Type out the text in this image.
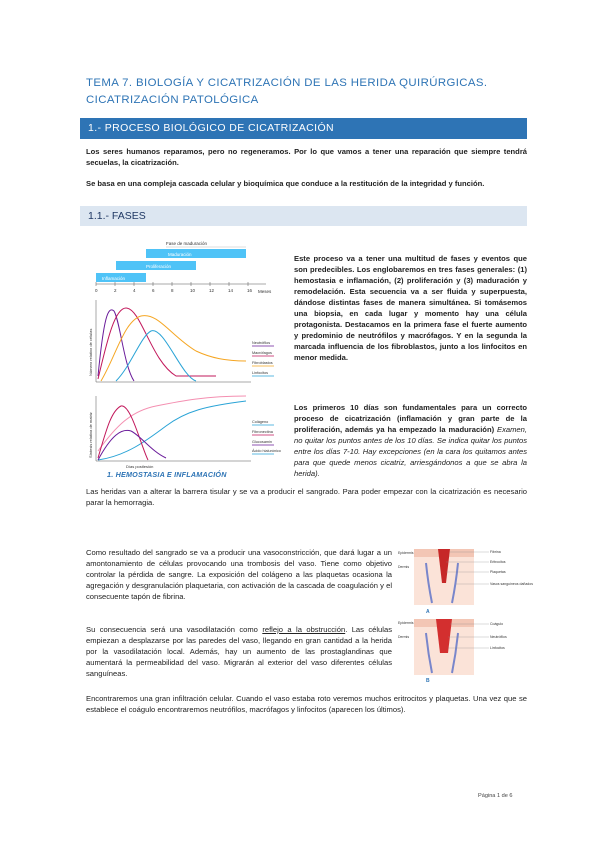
TEMA 7. BIOLOGÍA Y CICATRIZACIÓN DE LAS HERIDA QUIRÚRGICAS. CICATRIZACIÓN PATOLÓGICA
1.- PROCESO BIOLÓGICO DE CICATRIZACIÓN

Los seres humanos reparamos, pero no regeneramos. Por lo que vamos a tener una reparación que siempre tendrá secuelas, la cicatrización.

Se basa en una compleja cascada celular y bioquímica que conduce a la restitución de la integridad y función.

1.1.- FASES
Fase de maduración
Maduración
Proliferación
Inflamación
0	2	4	6	8	10	12	14	16 Meses
Número relativo de células	Neutrófilos
Macrófagos
Fibroblastos
Linfocitos
Síntesis relativa de matriz	Colágeno
Fibronectina
Glucosamin
Ácido hialurónico
Días postlesión

Este proceso va a tener una multitud de fases y eventos que son predecibles. Los englobaremos en tres fases generales: (1) hemostasia e inflamación, (2) proliferación y (3) maduración y remodelación. Esta secuencia va a ser fluida y superpuesta, dándose distintas fases de manera simultánea. Si tomásemos una biopsia, en cada lugar y momento hay una célula protagonista. Destacamos en la primera fase el fuerte aumento y predominio de neutrófilos y macrófagos. Y en la segunda la marcada influencia de los fibroblastos, junto a los linfocitos en menor medida.

Los primeros 10 días son fundamentales para un correcto proceso de cicatrización (inflamación y gran parte de la proliferación, además ya ha empezado la maduración) Examen, no quitar los puntos antes de los 10 días. Se indica quitar los puntos entre los días 7-10. Hay excepciones (en la cara los quitamos antes para que quede menos cicatriz, arriesgándonos a que se abra la herida).

1. HEMOSTASIA E INFLAMACIÓN

Las heridas van a alterar la barrera tisular y se va a producir el sangrado. Para poder empezar con la cicatrización es necesario parar la hemorragia.

Como resultado del sangrado se va a producir una vasoconstricción, que dará lugar a un amontonamiento de células provocando una trombosis del vaso. Tiene como objetivo controlar la pérdida de sangre. La exposición del colágeno a las plaquetas ocasiona la agregación y desgranulación plaquetaria, con activación de la cascada de coagulación y el consecuente tapón de fibrina.

Su consecuencia será una vasodilatación como reflejo a la obstrucción. Las células empiezan a desplazarse por las paredes del vaso, llegando en gran cantidad a la herida por la vasodilatación local. Además, hay un aumento de las prostaglandinas que aumentará la permeabilidad del vaso. Migrarán al exterior del vaso diferentes células sanguíneas.

Encontraremos una gran infiltración celular. Cuando el vaso estaba roto veremos muchos eritrocitos y plaquetas. Una vez que se establece el coágulo encontraremos neutrófilos, macrófagos y linfocitos (aparecen los últimos).

Epidermis
Dermis
Fibrina
Eritrocitos
Plaquetas
Vasos sanguíneos dañados
A
Epidermis
Dermis
Coágulo
Neutrófilos
Linfocitos
B
Página 1 de 6
